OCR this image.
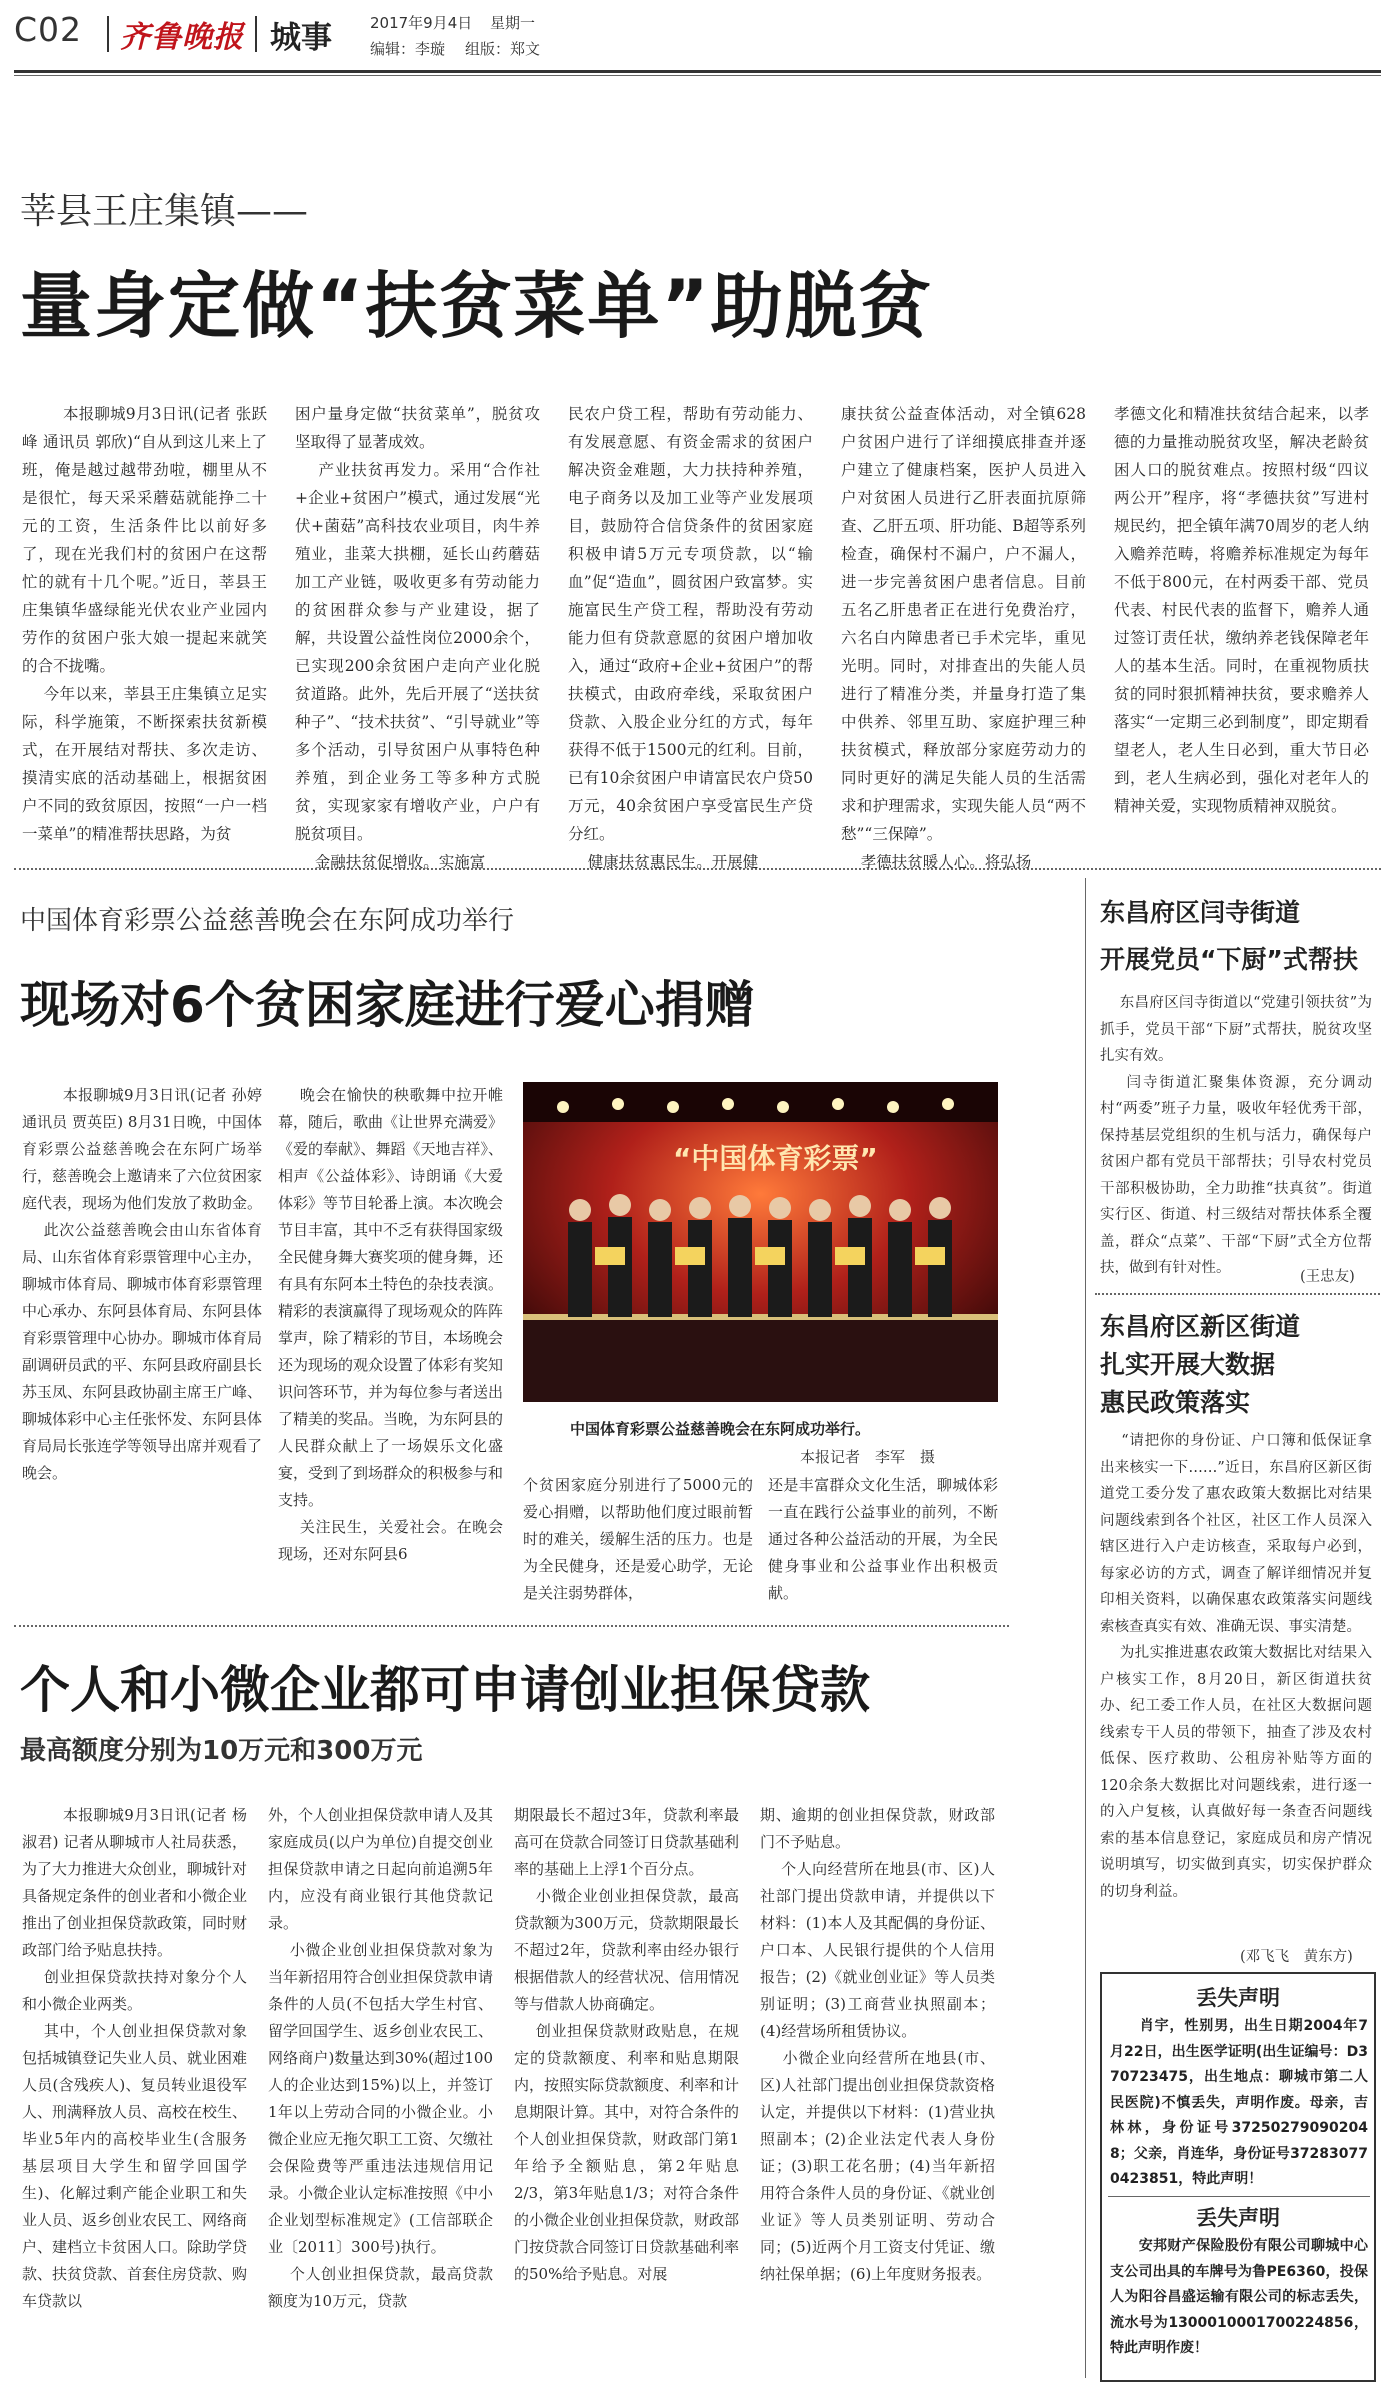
C02 齐鲁晚报 城事	2017年9月4日 星期一
编辑：李璇 组版：郑文
莘县王庄集镇——
量身定做“扶贫菜单”助脱贫
本报聊城9月3日讯(记者 张跃峰 通讯员 郭欣)“自从到这儿来上了班，俺是越过越带劲啦，棚里从不是很忙，每天采采蘑菇就能挣二十元的工资，生活条件比以前好多了，现在光我们村的贫困户在这帮忙的就有十几个呢。”近日，莘县王庄集镇华盛绿能光伏农业产业园内劳作的贫困户张大娘一提起来就笑的合不拢嘴。
今年以来，莘县王庄集镇立足实际，科学施策，不断探索扶贫新模式，在开展结对帮扶、多次走访、摸清实底的活动基础上，根据贫困户不同的致贫原因，按照“一户一档一菜单”的精准帮扶思路，为贫
困户量身定做“扶贫菜单”，脱贫攻坚取得了显著成效。
产业扶贫再发力。采用“合作社+企业+贫困户”模式，通过发展“光伏+菌菇”高科技农业项目，肉牛养殖业，韭菜大拱棚，延长山药蘑菇加工产业链，吸收更多有劳动能力的贫困群众参与产业建设，据了解，共设置公益性岗位2000余个，已实现200余贫困户走向产业化脱贫道路。此外，先后开展了“送扶贫种子”、“技术扶贫”、“引导就业”等多个活动，引导贫困户从事特色种养殖，到企业务工等多种方式脱贫，实现家家有增收产业，户户有脱贫项目。
金融扶贫促增收。实施富
民农户贷工程，帮助有劳动能力、有发展意愿、有资金需求的贫困户解决资金难题，大力扶持种养殖，电子商务以及加工业等产业发展项目，鼓励符合信贷条件的贫困家庭积极申请5万元专项贷款，以“输血”促“造血”，圆贫困户致富梦。实施富民生产贷工程，帮助没有劳动能力但有贷款意愿的贫困户增加收入，通过“政府+企业+贫困户”的帮扶模式，由政府牵线，采取贫困户贷款、入股企业分红的方式，每年获得不低于1500元的红利。目前，已有10余贫困户申请富民农户贷50万元，40余贫困户享受富民生产贷分红。
健康扶贫惠民生。开展健
康扶贫公益查体活动，对全镇628户贫困户进行了详细摸底排查并逐户建立了健康档案，医护人员进入户对贫困人员进行乙肝表面抗原筛查、乙肝五项、肝功能、B超等系列检查，确保村不漏户，户不漏人，进一步完善贫困户患者信息。目前五名乙肝患者正在进行免费治疗，六名白内障患者已手术完毕，重见光明。同时，对排查出的失能人员进行了精准分类，并量身打造了集中供养、邻里互助、家庭护理三种扶贫模式，释放部分家庭劳动力的同时更好的满足失能人员的生活需求和护理需求，实现失能人员“两不愁”“三保障”。
孝德扶贫暖人心。将弘扬
孝德文化和精准扶贫结合起来，以孝德的力量推动脱贫攻坚，解决老龄贫困人口的脱贫难点。按照村级“四议两公开”程序，将“孝德扶贫”写进村规民约，把全镇年满70周岁的老人纳入赡养范畴，将赡养标准规定为每年不低于800元，在村两委干部、党员代表、村民代表的监督下，赡养人通过签订责任状，缴纳养老钱保障老年人的基本生活。同时，在重视物质扶贫的同时狠抓精神扶贫，要求赡养人落实“一定期三必到制度”，即定期看望老人，老人生日必到，重大节日必到，老人生病必到，强化对老年人的精神关爱，实现物质精神双脱贫。
中国体育彩票公益慈善晚会在东阿成功举行
现场对6个贫困家庭进行爱心捐赠
本报聊城9月3日讯(记者 孙婷 通讯员 贾英臣) 8月31日晚，中国体育彩票公益慈善晚会在东阿广场举行，慈善晚会上邀请来了六位贫困家庭代表，现场为他们发放了救助金。
此次公益慈善晚会由山东省体育局、山东省体育彩票管理中心主办，聊城市体育局、聊城市体育彩票管理中心承办、东阿县体育局、东阿县体育彩票管理中心协办。聊城市体育局副调研员武的平、东阿县政府副县长苏玉凤、东阿县政协副主席王广峰、聊城体彩中心主任张怀发、东阿县体育局局长张连学等领导出席并观看了晚会。
晚会在愉快的秧歌舞中拉开帷幕，随后，歌曲《让世界充满爱》《爱的奉献》、舞蹈《天地吉祥》、相声《公益体彩》、诗朗诵《大爱体彩》等节目轮番上演。本次晚会节目丰富，其中不乏有获得国家级全民健身舞大赛奖项的健身舞，还有具有东阿本土特色的杂技表演。精彩的表演赢得了现场观众的阵阵掌声，除了精彩的节目，本场晚会还为现场的观众设置了体彩有奖知识问答环节，并为每位参与者送出了精美的奖品。当晚，为东阿县的人民群众献上了一场娱乐文化盛宴，受到了到场群众的积极参与和支持。
关注民生，关爱社会。在晚会现场，还对东阿县6
“中国体育彩票”
中国体育彩票公益慈善晚会在东阿成功举行。
本报记者　李军　摄
个贫困家庭分别进行了5000元的爱心捐赠，以帮助他们度过眼前暂时的难关，缓解生活的压力。也是为全民健身，还是爱心助学，无论是关注弱势群体，
还是丰富群众文化生活，聊城体彩一直在践行公益事业的前列，不断通过各种公益活动的开展，为全民健身事业和公益事业作出积极贡献。
个人和小微企业都可申请创业担保贷款
最高额度分别为10万元和300万元
本报聊城9月3日讯(记者 杨淑君) 记者从聊城市人社局获悉，为了大力推进大众创业，聊城针对具备规定条件的创业者和小微企业推出了创业担保贷款政策，同时财政部门给予贴息扶持。
创业担保贷款扶持对象分个人和小微企业两类。
其中，个人创业担保贷款对象包括城镇登记失业人员、就业困难人员(含残疾人)、复员转业退役军人、刑满释放人员、高校在校生、毕业5年内的高校毕业生(含服务基层项目大学生和留学回国学生)、化解过剩产能企业职工和失业人员、返乡创业农民工、网络商户、建档立卡贫困人口。除助学贷款、扶贫贷款、首套住房贷款、购车贷款以
外，个人创业担保贷款申请人及其家庭成员(以户为单位)自提交创业担保贷款申请之日起向前追溯5年内，应没有商业银行其他贷款记录。
小微企业创业担保贷款对象为当年新招用符合创业担保贷款申请条件的人员(不包括大学生村官、留学回国学生、返乡创业农民工、网络商户)数量达到30%(超过100人的企业达到15%)以上，并签订1年以上劳动合同的小微企业。小微企业应无拖欠职工工资、欠缴社会保险费等严重违法违规信用记录。小微企业认定标准按照《中小企业划型标准规定》(工信部联企业〔2011〕300号)执行。
个人创业担保贷款，最高贷款额度为10万元，贷款
期限最长不超过3年，贷款利率最高可在贷款合同签订日贷款基础利率的基础上上浮1个百分点。
小微企业创业担保贷款，最高贷款额为300万元，贷款期限最长不超过2年，贷款利率由经办银行根据借款人的经营状况、信用情况等与借款人协商确定。
创业担保贷款财政贴息，在规定的贷款额度、利率和贴息期限内，按照实际贷款额度、利率和计息期限计算。其中，对符合条件的个人创业担保贷款，财政部门第1年给予全额贴息，第2年贴息2/3，第3年贴息1/3；对符合条件的小微企业创业担保贷款，财政部门按贷款合同签订日贷款基础利率的50%给予贴息。对展
期、逾期的创业担保贷款，财政部门不予贴息。
个人向经营所在地县(市、区)人社部门提出贷款申请，并提供以下材料：(1)本人及其配偶的身份证、户口本、人民银行提供的个人信用报告；(2)《就业创业证》等人员类别证明；(3)工商营业执照副本；(4)经营场所租赁协议。
小微企业向经营所在地县(市、区)人社部门提出创业担保贷款资格认定，并提供以下材料：(1)营业执照副本；(2)企业法定代表人身份证；(3)职工花名册；(4)当年新招用符合条件人员的身份证、《就业创业证》等人员类别证明、劳动合同；(5)近两个月工资支付凭证、缴纳社保单据；(6)上年度财务报表。
东昌府区闫寺街道
开展党员“下厨”式帮扶
东昌府区闫寺街道以“党建引领扶贫”为抓手，党员干部“下厨”式帮扶，脱贫攻坚扎实有效。
闫寺街道汇聚集体资源，充分调动村“两委”班子力量，吸收年轻优秀干部，保持基层党组织的生机与活力，确保每户贫困户都有党员干部帮扶；引导农村党员干部积极协助，全力助推“扶真贫”。街道实行区、街道、村三级结对帮扶体系全覆盖，群众“点菜”、干部“下厨”式全方位帮扶，做到有针对性。
(王忠友)
东昌府区新区街道
扎实开展大数据
惠民政策落实
“请把你的身份证、户口簿和低保证拿出来核实一下……”近日，东昌府区新区街道党工委分发了惠农政策大数据比对结果问题线索到各个社区，社区工作人员深入辖区进行入户走访核查，采取每户必到，每家必访的方式，调查了解详细情况并复印相关资料，以确保惠农政策落实问题线索核查真实有效、准确无误、事实清楚。
为扎实推进惠农政策大数据比对结果入户核实工作，8月20日，新区街道扶贫办、纪工委工作人员，在社区大数据问题线索专干人员的带领下，抽查了涉及农村低保、医疗救助、公租房补贴等方面的120余条大数据比对问题线索，进行逐一的入户复核，认真做好每一条查否问题线索的基本信息登记，家庭成员和房产情况说明填写，切实做到真实，切实保护群众的切身利益。
(邓飞飞　黄东方)
丢失声明
　　肖宇，性别男，出生日期2004年7月22日，出生医学证明(出生证编号：D370723475，出生地点：聊城市第二人民医院)不慎丢失，声明作废。母亲，吉林林，身份证号372502790902048；父亲，肖连华，身份证号372830770423851，特此声明！
丢失声明
　　安邦财产保险股份有限公司聊城中心支公司出具的车牌号为鲁PE6360，投保人为阳谷昌盛运输有限公司的标志丢失，流水号为1300010001700224856，特此声明作废！
